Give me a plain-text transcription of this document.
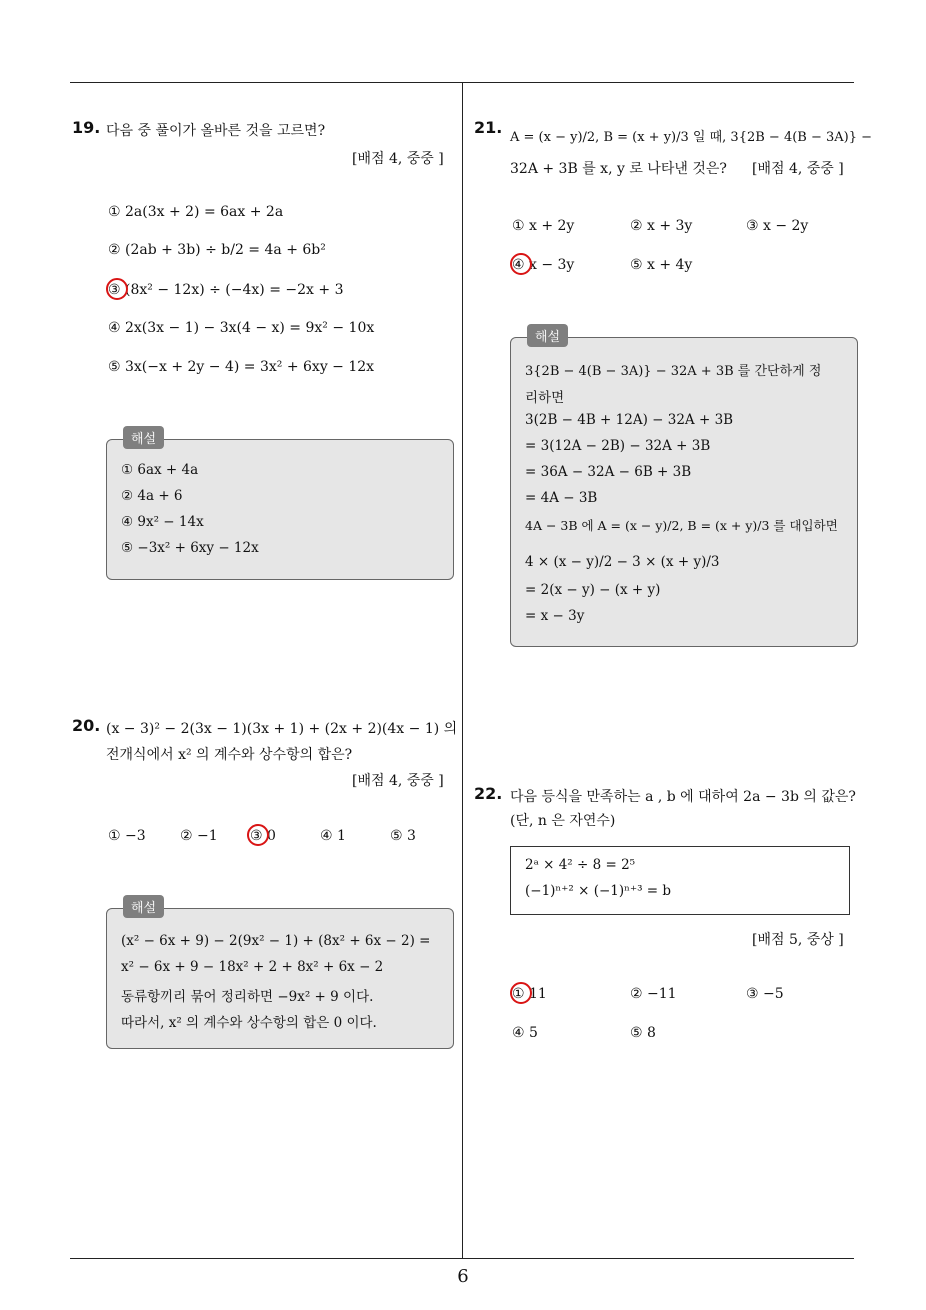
19. 다음 중 풀이가 올바른 것을 고르면?
[배점 4, 중중 ]
① 2a(3x + 2) = 6ax + 2a
② (2ab + 3b) ÷ b/2 = 4a + 6b²
③ (8x² − 12x) ÷ (−4x) = −2x + 3
④ 2x(3x − 1) − 3x(4 − x) = 9x² − 10x
⑤ 3x(−x + 2y − 4) = 3x² + 6xy − 12x
해설
① 6ax + 4a
② 4a + 6
④ 9x² − 14x
⑤ −3x² + 6xy − 12x
20. (x − 3)² − 2(3x − 1)(3x + 1) + (2x + 2)(4x − 1) 의
전개식에서 x² 의 계수와 상수항의 합은?
[배점 4, 중중 ]
① −3 ② −1 ③ 0	④ 1	⑤ 3
해설
(x² − 6x + 9) − 2(9x² − 1) + (8x² + 6x − 2) =
x² − 6x + 9 − 18x² + 2 + 8x² + 6x − 2
동류항끼리 묶어 정리하면 −9x² + 9 이다.
따라서, x² 의 계수와 상수항의 합은 0 이다.
21.
A = (x − y)/2, B = (x + y)/3 일 때, 3{2B − 4(B − 3A)} −
32A + 3B 를 x, y 로 나타낸 것은? [배점 4, 중중 ]
① x + 2y	② x + 3y	③ x − 2y
④ x − 3y	⑤ x + 4y
해설
3{2B − 4(B − 3A)} − 32A + 3B 를 간단하게 정
리하면
3(2B − 4B + 12A) − 32A + 3B
= 3(12A − 2B) − 32A + 3B
= 36A − 32A − 6B + 3B
= 4A − 3B
4A − 3B 에 A = (x − y)/2, B = (x + y)/3 를 대입하면
4 × (x − y)/2 − 3 × (x + y)/3
= 2(x − y) − (x + y)
= x − 3y
22. 다음 등식을 만족하는 a , b 에 대하여 2a − 3b 의 값은?
(단, n 은 자연수)
2ᵃ × 4² ÷ 8 = 2⁵
(−1)ⁿ⁺² × (−1)ⁿ⁺³ = b
[배점 5, 중상 ]
① 11	② −11	③ −5
④ 5	⑤ 8
6
